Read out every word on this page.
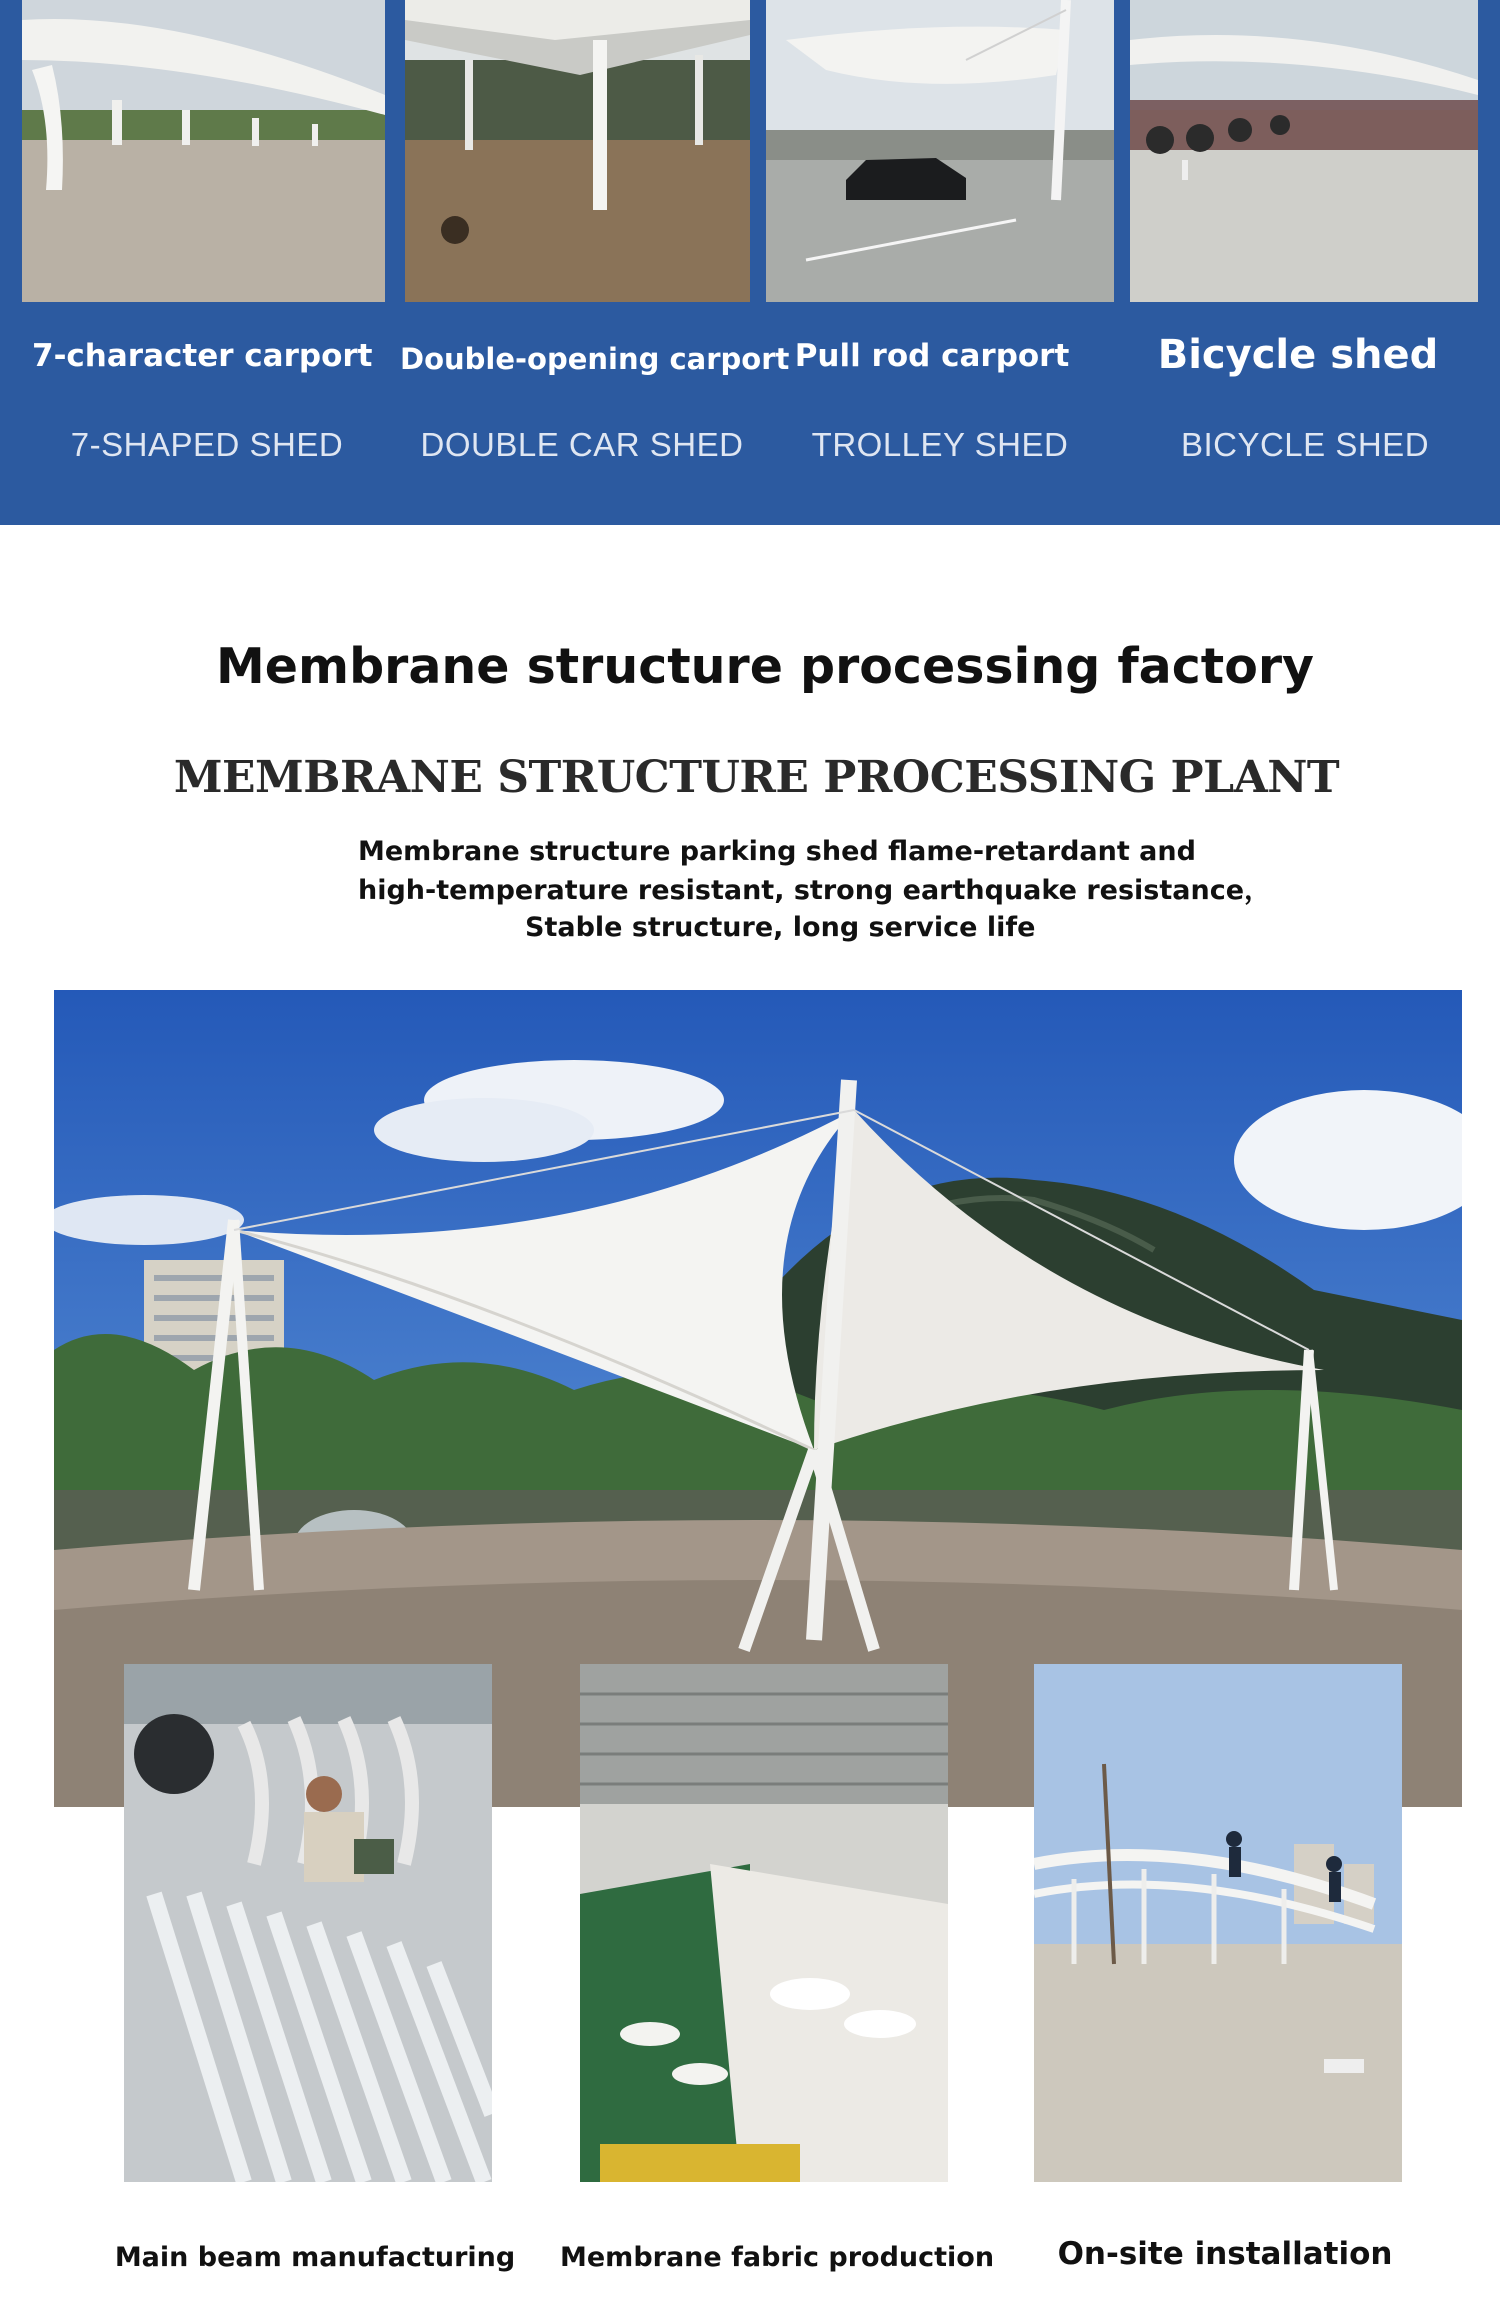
7-character carport Double-opening carport Pull rod carport	Bicycle shed
7-SHAPED SHED	DOUBLE CAR SHED	TROLLEY SHED	BICYCLE SHED
Membrane structure processing factory
MEMBRANE STRUCTURE PROCESSING PLANT

Membrane structure parking shed flame-retardant and

high-temperature resistant, strong earthquake resistance，

Stable structure, long service life

Main beam manufacturing Membrane fabric production	On-site installation
